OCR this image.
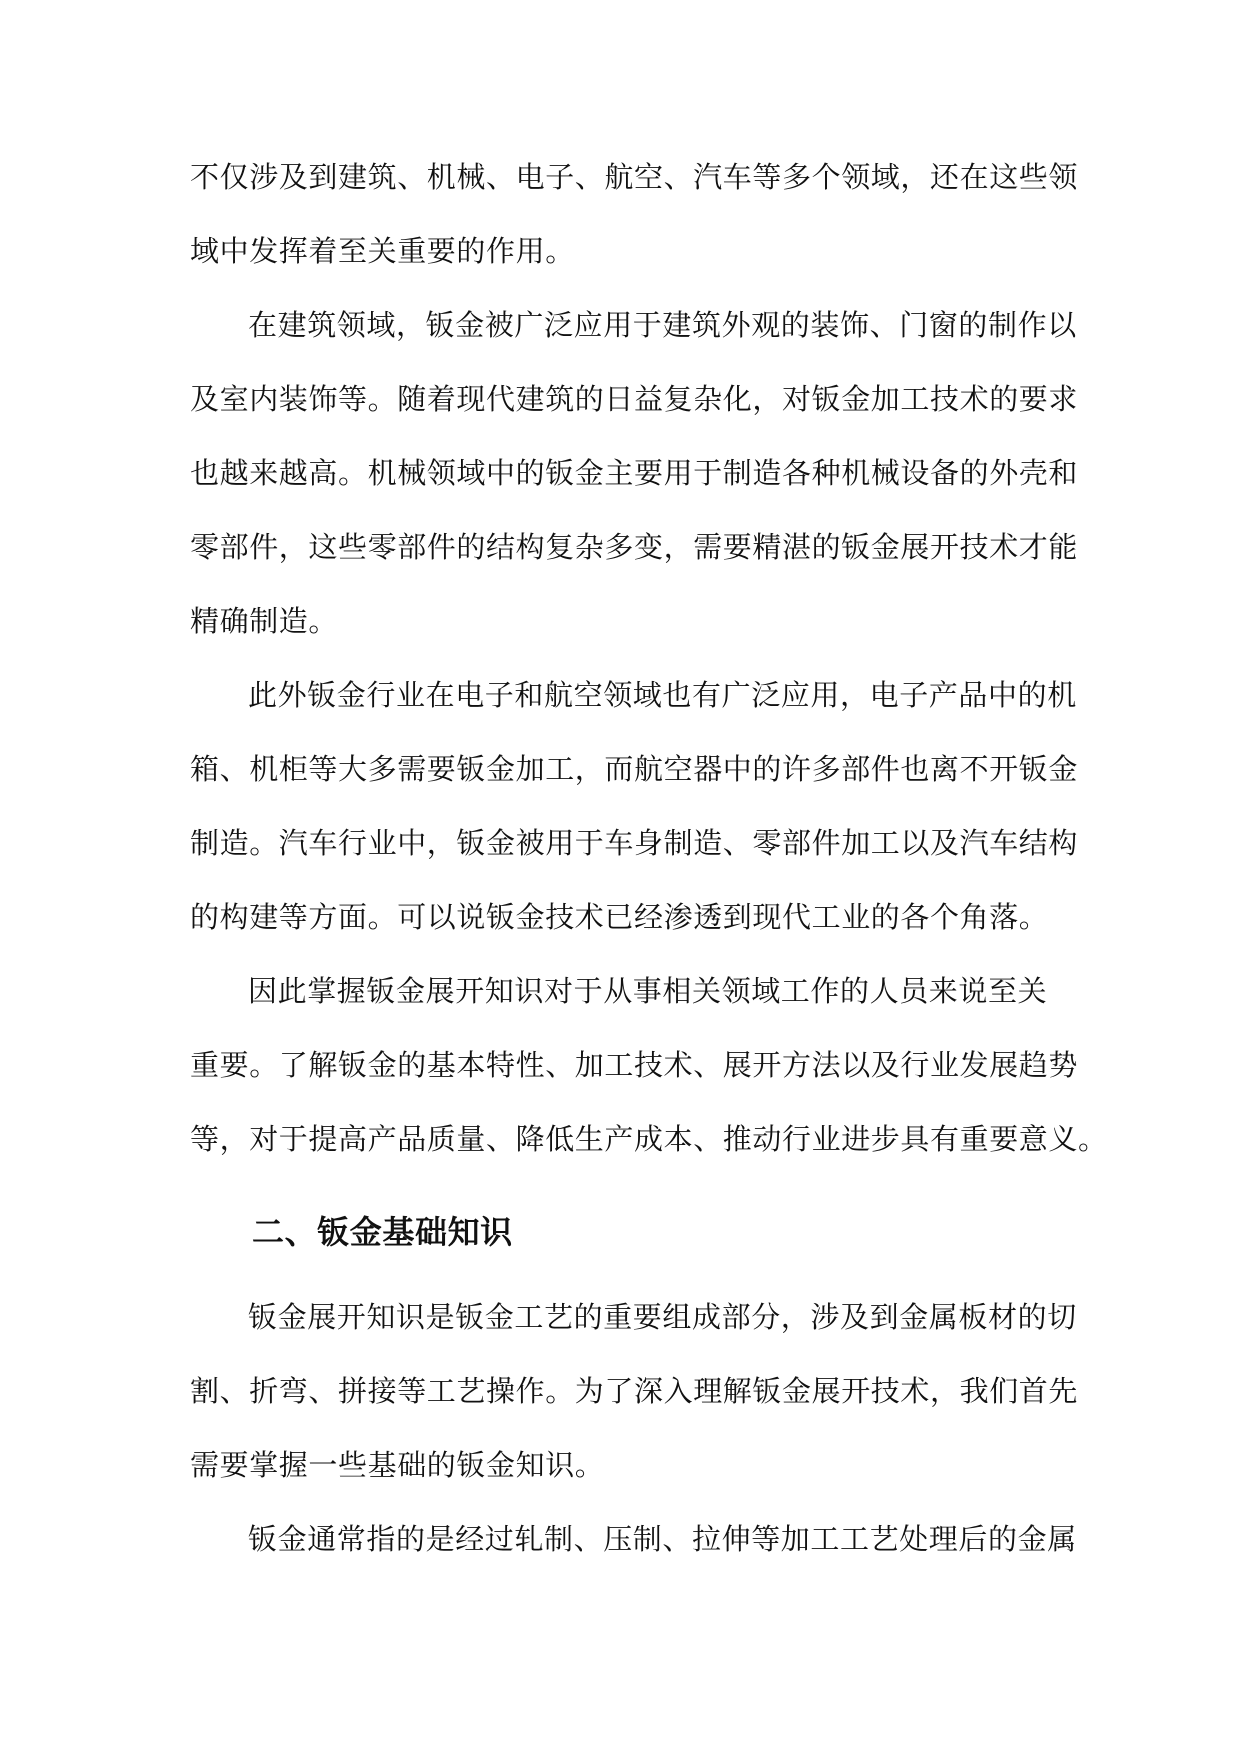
不仅涉及到建筑、机械、电子、航空、汽车等多个领域，还在这些领
域中发挥着至关重要的作用。
在建筑领域，钣金被广泛应用于建筑外观的装饰、门窗的制作以
及室内装饰等。随着现代建筑的日益复杂化，对钣金加工技术的要求
也越来越高。机械领域中的钣金主要用于制造各种机械设备的外壳和
零部件，这些零部件的结构复杂多变，需要精湛的钣金展开技术才能
精确制造。
此外钣金行业在电子和航空领域也有广泛应用，电子产品中的机
箱、机柜等大多需要钣金加工，而航空器中的许多部件也离不开钣金
制造。汽车行业中，钣金被用于车身制造、零部件加工以及汽车结构
的构建等方面。可以说钣金技术已经渗透到现代工业的各个角落。
因此掌握钣金展开知识对于从事相关领域工作的人员来说至关
重要。了解钣金的基本特性、加工技术、展开方法以及行业发展趋势
等，对于提高产品质量、降低生产成本、推动行业进步具有重要意义。
二、钣金基础知识
钣金展开知识是钣金工艺的重要组成部分，涉及到金属板材的切
割、折弯、拼接等工艺操作。为了深入理解钣金展开技术，我们首先
需要掌握一些基础的钣金知识。
钣金通常指的是经过轧制、压制、拉伸等加工工艺处理后的金属
